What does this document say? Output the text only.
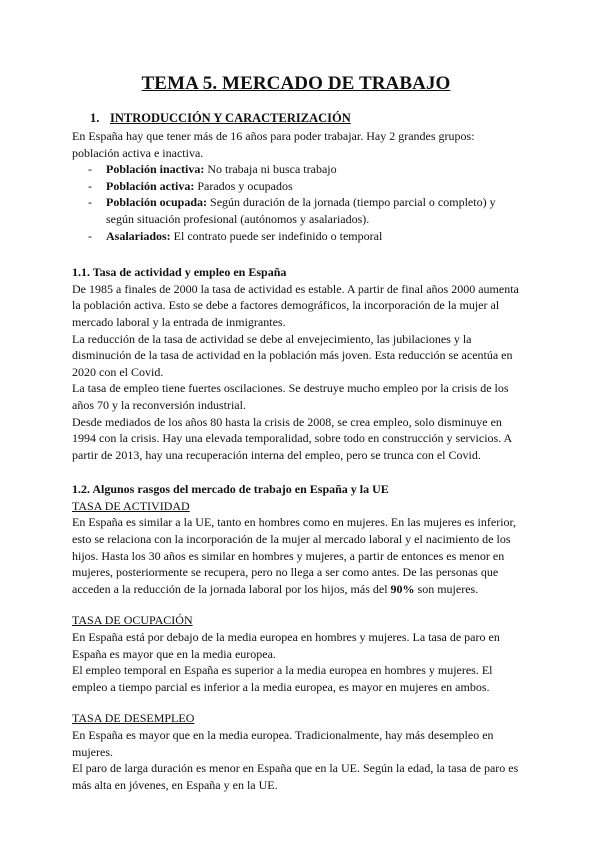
TEMA 5. MERCADO DE TRABAJO
1. INTRODUCCIÓN Y CARACTERIZACIÓN

En España hay que tener más de 16 años para poder trabajar. Hay 2 grandes grupos: población activa e inactiva.

- Población inactiva: No trabaja ni busca trabajo
- Población activa: Parados y ocupados
- Población ocupada: Según duración de la jornada (tiempo parcial o completo) y según situación profesional (autónomos y asalariados).
- Asalariados: El contrato puede ser indefinido o temporal
1.1. Tasa de actividad y empleo en España

De 1985 a finales de 2000 la tasa de actividad es estable. A partir de final años 2000 aumenta la población activa. Esto se debe a factores demográficos, la incorporación de la mujer al mercado laboral y la entrada de inmigrantes.

La reducción de la tasa de actividad se debe al envejecimiento, las jubilaciones y la disminución de la tasa de actividad en la población más joven. Esta reducción se acentúa en 2020 con el Covid.

La tasa de empleo tiene fuertes oscilaciones. Se destruye mucho empleo por la crisis de los años 70 y la reconversión industrial.

Desde mediados de los años 80 hasta la crisis de 2008, se crea empleo, solo disminuye en 1994 con la crisis. Hay una elevada temporalidad, sobre todo en construcción y servicios. A partir de 2013, hay una recuperación interna del empleo, pero se trunca con el Covid.

1.2. Algunos rasgos del mercado de trabajo en España y la UE

TASA DE ACTIVIDAD

En España es similar a la UE, tanto en hombres como en mujeres. En las mujeres es inferior, esto se relaciona con la incorporación de la mujer al mercado laboral y el nacimiento de los hijos. Hasta los 30 años es similar en hombres y mujeres, a partir de entonces es menor en mujeres, posteriormente se recupera, pero no llega a ser como antes. De las personas que acceden a la reducción de la jornada laboral por los hijos, más del 90% son mujeres.

TASA DE OCUPACIÓN

En España está por debajo de la media europea en hombres y mujeres. La tasa de paro en España es mayor que en la media europea.

El empleo temporal en España es superior a la media europea en hombres y mujeres. El empleo a tiempo parcial es inferior a la media europea, es mayor en mujeres en ambos.

TASA DE DESEMPLEO

En España es mayor que en la media europea. Tradicionalmente, hay más desempleo en mujeres.

El paro de larga duración es menor en España que en la UE. Según la edad, la tasa de paro es más alta en jóvenes, en España y en la UE.
